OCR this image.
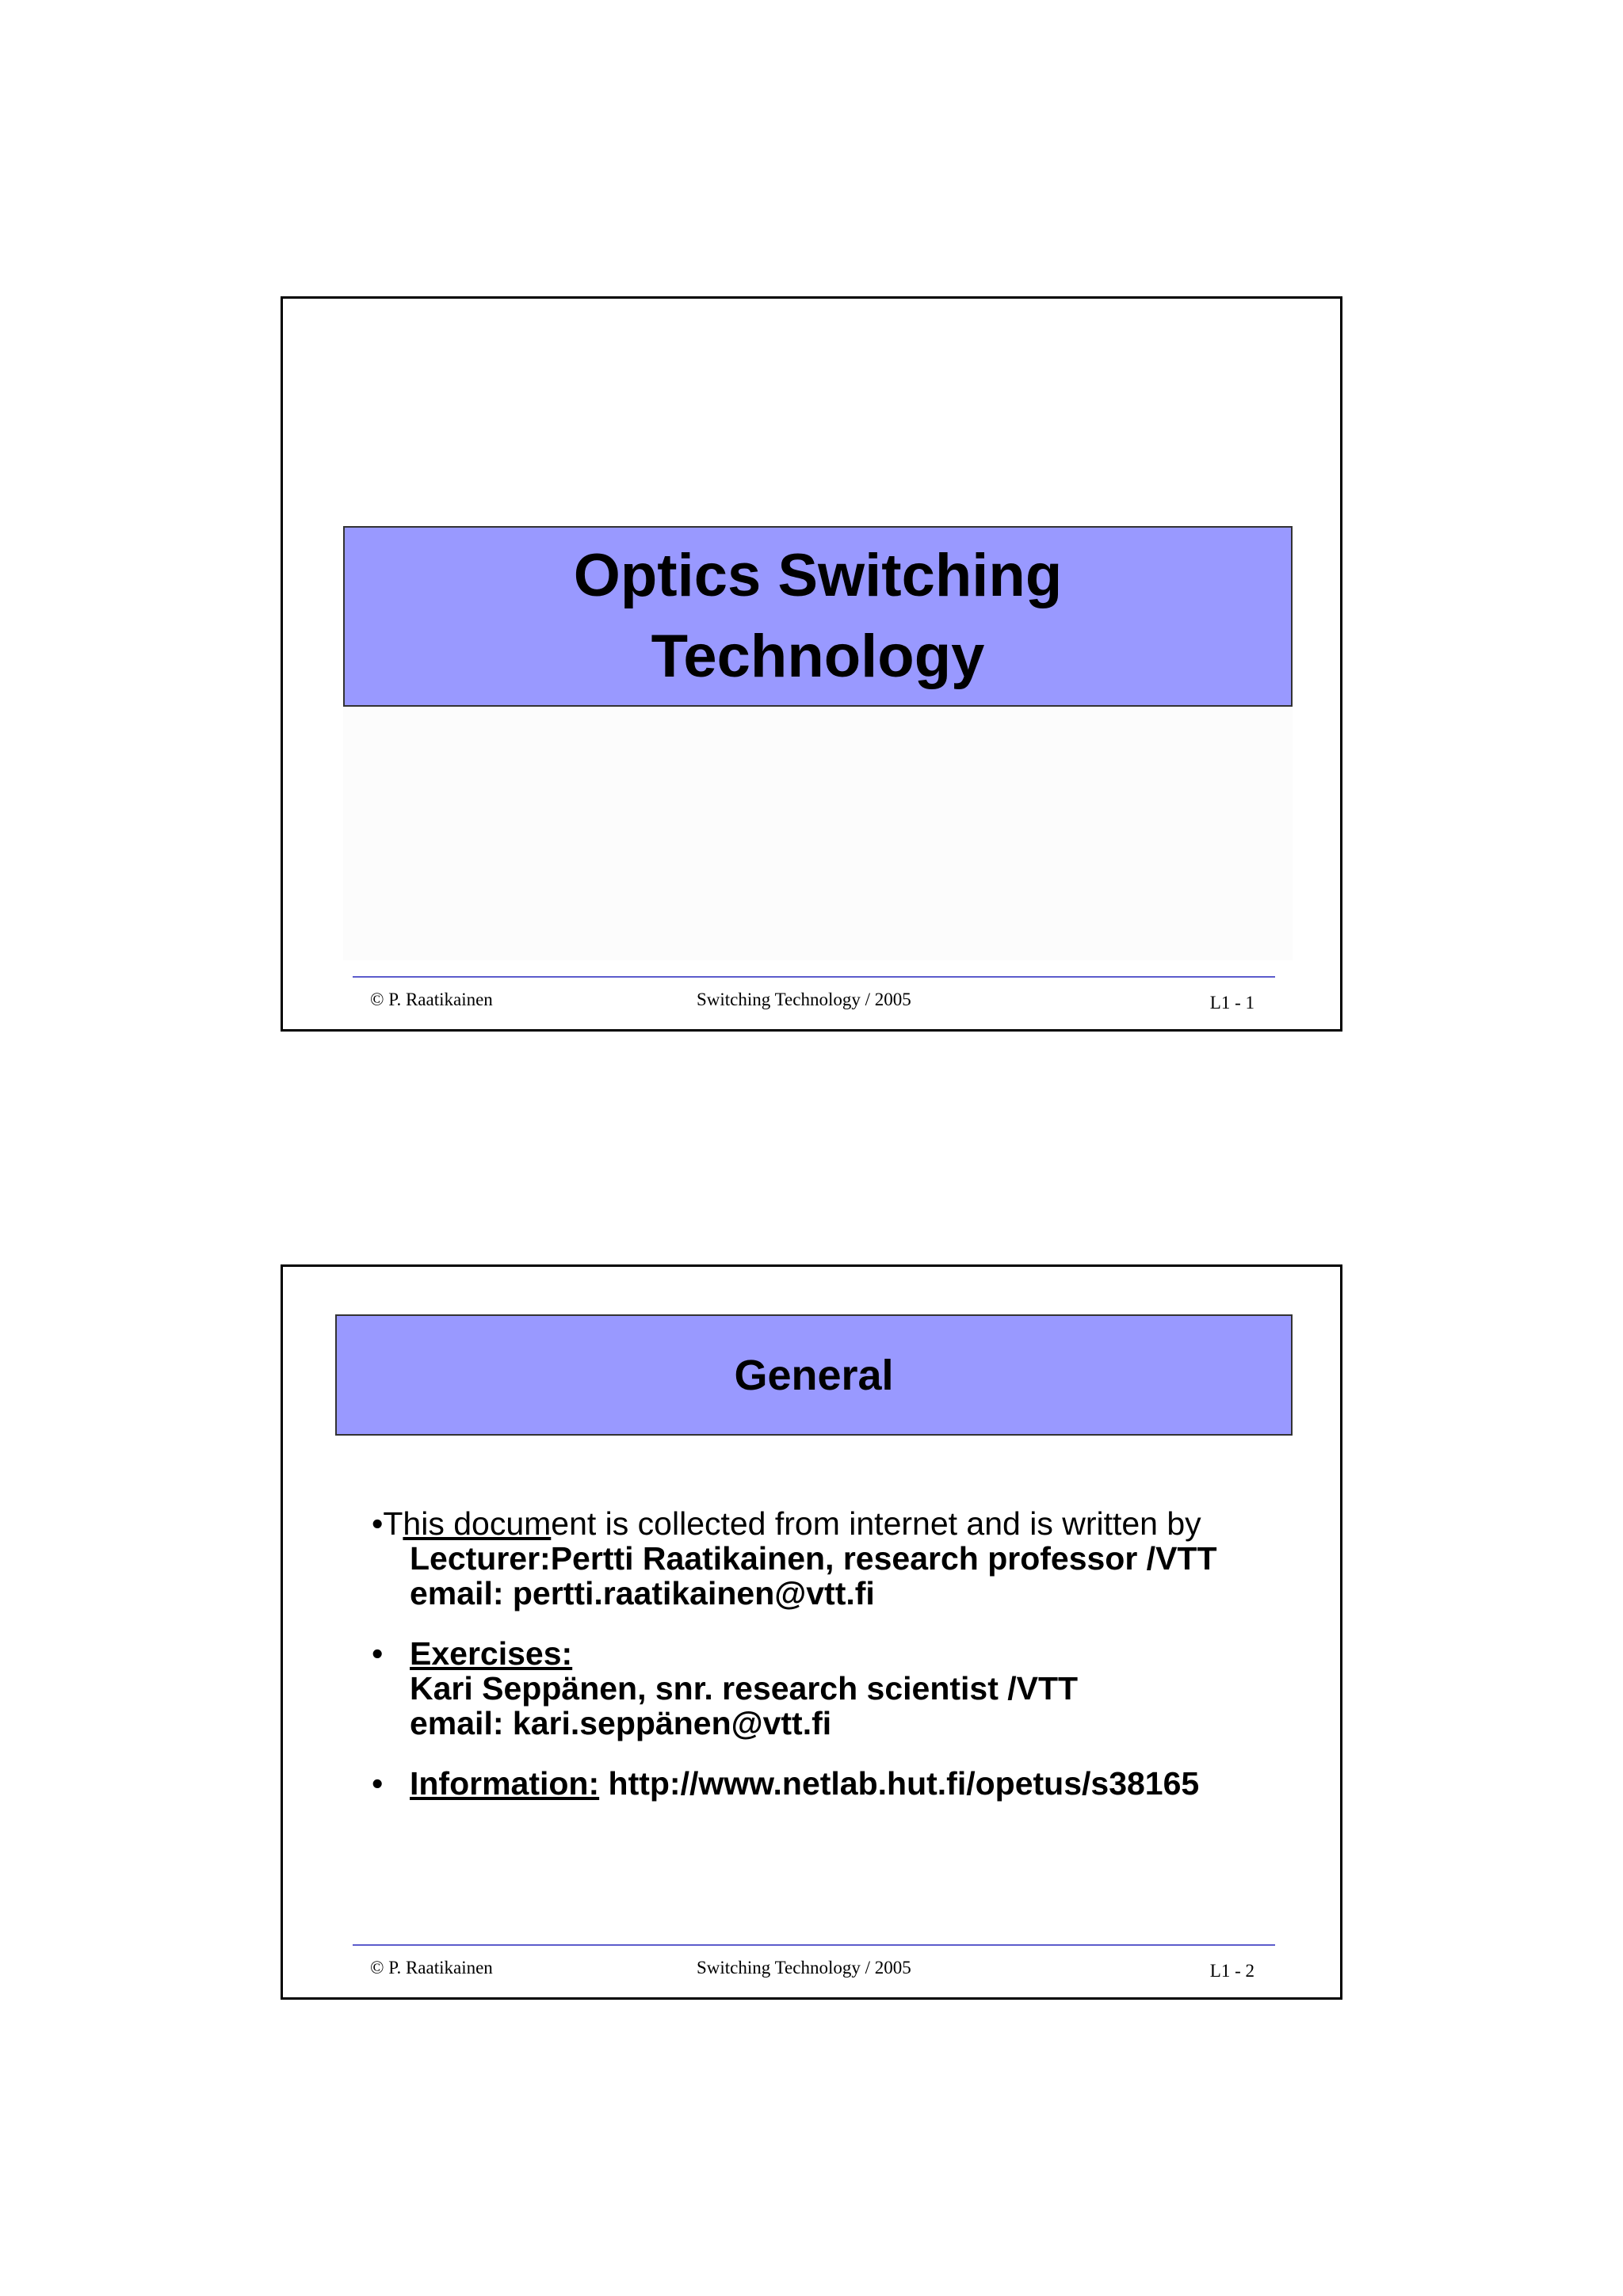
Optics Switching
Technology
© P. Raatikainen	Switching Technology / 2005	L1 - 1
General
•This document is collected from internet and is written by
Lecturer:Pertti Raatikainen, research professor /VTT
email: pertti.raatikainen@vtt.fi
• Exercises:
Kari Seppänen, snr. research scientist /VTT
email: kari.seppänen@vtt.fi
• Information: http://www.netlab.hut.fi/opetus/s38165
© P. Raatikainen	Switching Technology / 2005	L1 - 2
